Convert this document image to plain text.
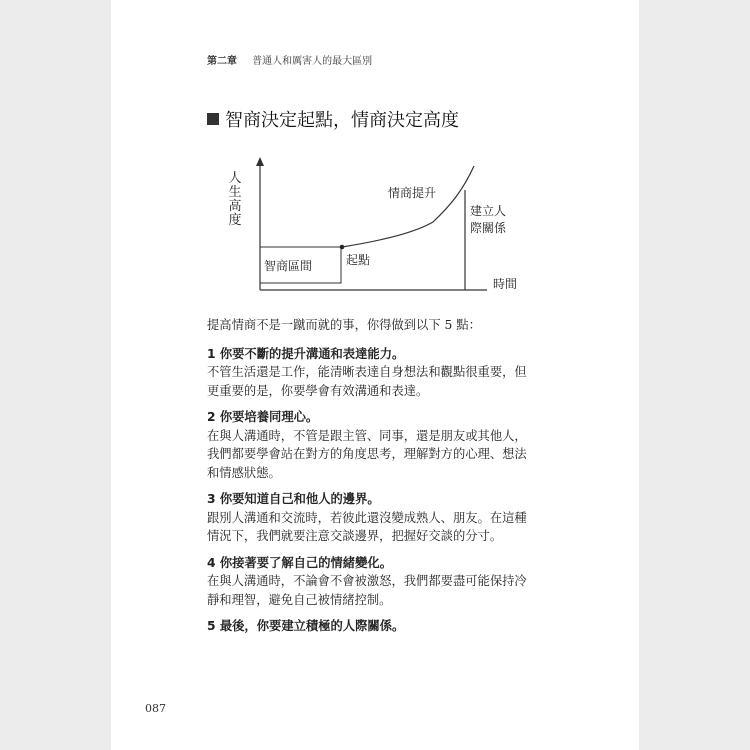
第二章 普通人和厲害人的最大區別
智商決定起點，情商決定高度
人
生
高
度
智商區間	起點
情商提升
建立人
際關係
時間

提高情商不是一蹴而就的事，你得做到以下 5 點：

1 你要不斷的提升溝通和表達能力。

不管生活還是工作，能清晰表達自身想法和觀點很重要，但

更重要的是，你要學會有效溝通和表達。

2 你要培養同理心。

在與人溝通時，不管是跟主管、同事，還是朋友或其他人，

我們都要學會站在對方的角度思考，理解對方的心理、想法

和情感狀態。

3 你要知道自己和他人的邊界。

跟別人溝通和交流時，若彼此還沒變成熟人、朋友。在這種

情況下，我們就要注意交談邊界，把握好交談的分寸。

4 你接著要了解自己的情緒變化。

在與人溝通時，不論會不會被激怒，我們都要盡可能保持冷

靜和理智，避免自己被情緒控制。

5 最後，你要建立積極的人際關係。

087
